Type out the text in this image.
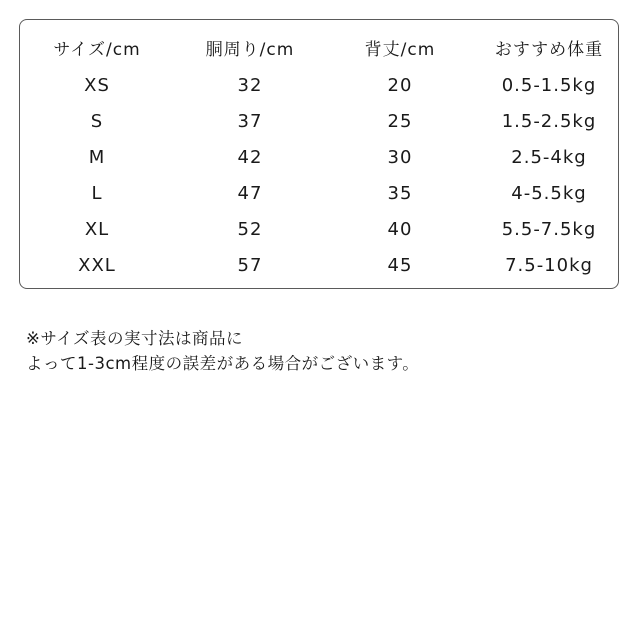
サイズ/cm	胴周り/cm	背丈/cm	おすすめ体重
XS	32	20	0.5-1.5kg
S	37	25	1.5-2.5kg
M	42	30	2.5-4kg
L	47	35	4-5.5kg
XL	52	40	5.5-7.5kg
XXL	57	45	7.5-10kg
※サイズ表の実寸法は商品に
よって1-3cm程度の誤差がある場合がございます。
